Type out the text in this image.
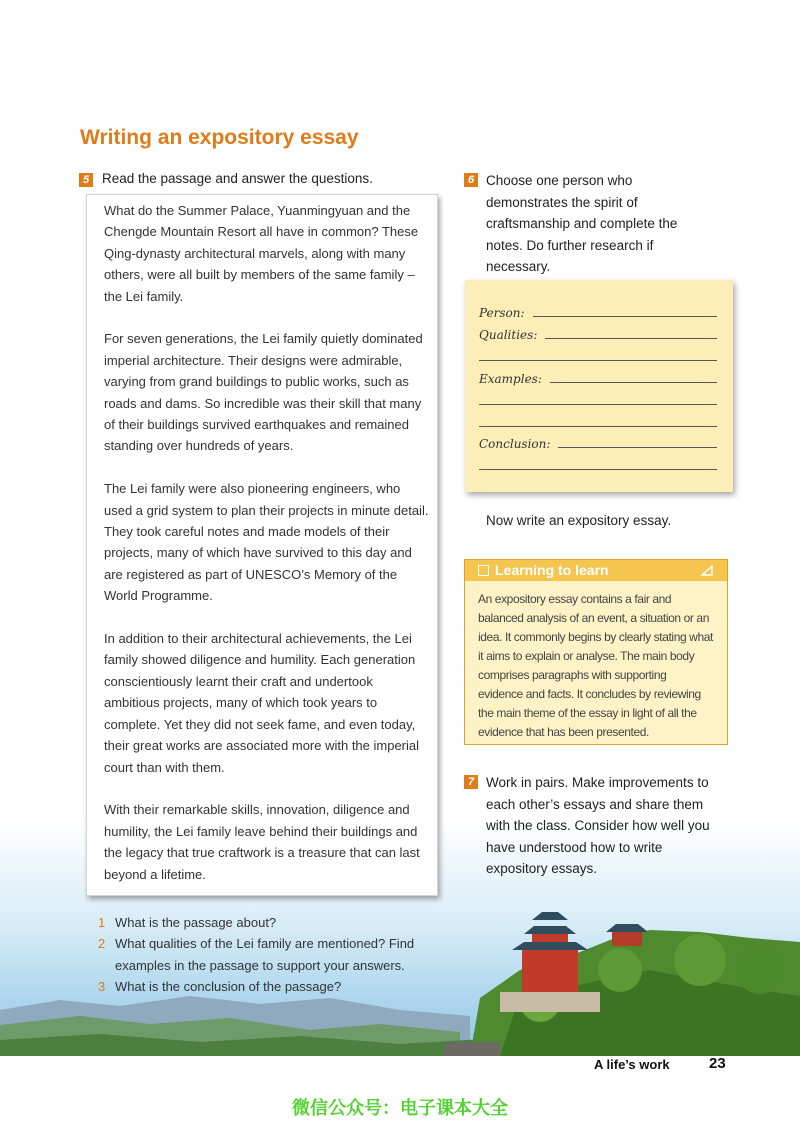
Writing an expository essay
5 Read the passage and answer the questions.

What do the Summer Palace, Yuanmingyuan and the Chengde Mountain Resort all have in common? These Qing-dynasty architectural marvels, along with many others, were all built by members of the same family – the Lei family.

For seven generations, the Lei family quietly dominated imperial architecture. Their designs were admirable, varying from grand buildings to public works, such as roads and dams. So incredible was their skill that many of their buildings survived earthquakes and remained standing over hundreds of years.

The Lei family were also pioneering engineers, who used a grid system to plan their projects in minute detail. They took careful notes and made models of their projects, many of which have survived to this day and are registered as part of UNESCO’s Memory of the World Programme.

In addition to their architectural achievements, the Lei family showed diligence and humility. Each generation conscientiously learnt their craft and undertook ambitious projects, many of which took years to complete. Yet they did not seek fame, and even today, their great works are associated more with the imperial court than with them.

With their remarkable skills, innovation, diligence and humility, the Lei family leave behind their buildings and the legacy that true craftwork is a treasure that can last beyond a lifetime.

1 What is the passage about?
2 What qualities of the Lei family are mentioned? Find examples in the passage to support your answers.
3 What is the conclusion of the passage?
6 Choose one person who demonstrates the spirit of craftsmanship and complete the notes. Do further research if necessary.
Person:
Qualities:
Examples:
Conclusion:
Now write an expository essay.
Learning to learn
An expository essay contains a fair and balanced analysis of an event, a situation or an idea. It commonly begins by clearly stating what it aims to explain or analyse. The main body comprises paragraphs with supporting evidence and facts. It concludes by reviewing the main theme of the essay in light of all the evidence that has been presented.
7 Work in pairs. Make improvements to each other’s essays and share them with the class. Consider how well you have understood how to write expository essays.
A life’s work	23
微信公众号：电子课本大全
